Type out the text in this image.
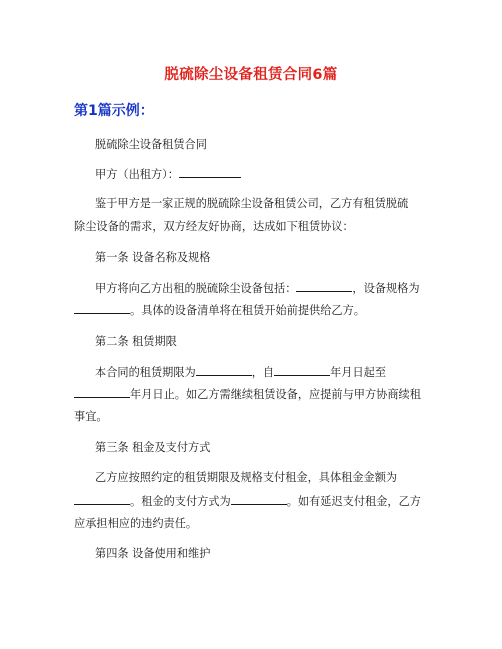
脱硫除尘设备租赁合同6篇
第1篇示例：
脱硫除尘设备租赁合同
甲方（出租方）：
鉴于甲方是一家正规的脱硫除尘设备租赁公司，乙方有租赁脱硫
除尘设备的需求，双方经友好协商，达成如下租赁协议：
第一条 设备名称及规格
甲方将向乙方出租的脱硫除尘设备包括：	，设备规格为
。具体的设备清单将在租赁开始前提供给乙方。
第二条 租赁期限
本合同的租赁期限为	，自	年月日起至
年月日止。如乙方需继续租赁设备，应提前与甲方协商续租
事宜。
第三条 租金及支付方式
乙方应按照约定的租赁期限及规格支付租金，具体租金金额为
。租金的支付方式为	。如有延迟支付租金，乙方
应承担相应的违约责任。
第四条 设备使用和维护
